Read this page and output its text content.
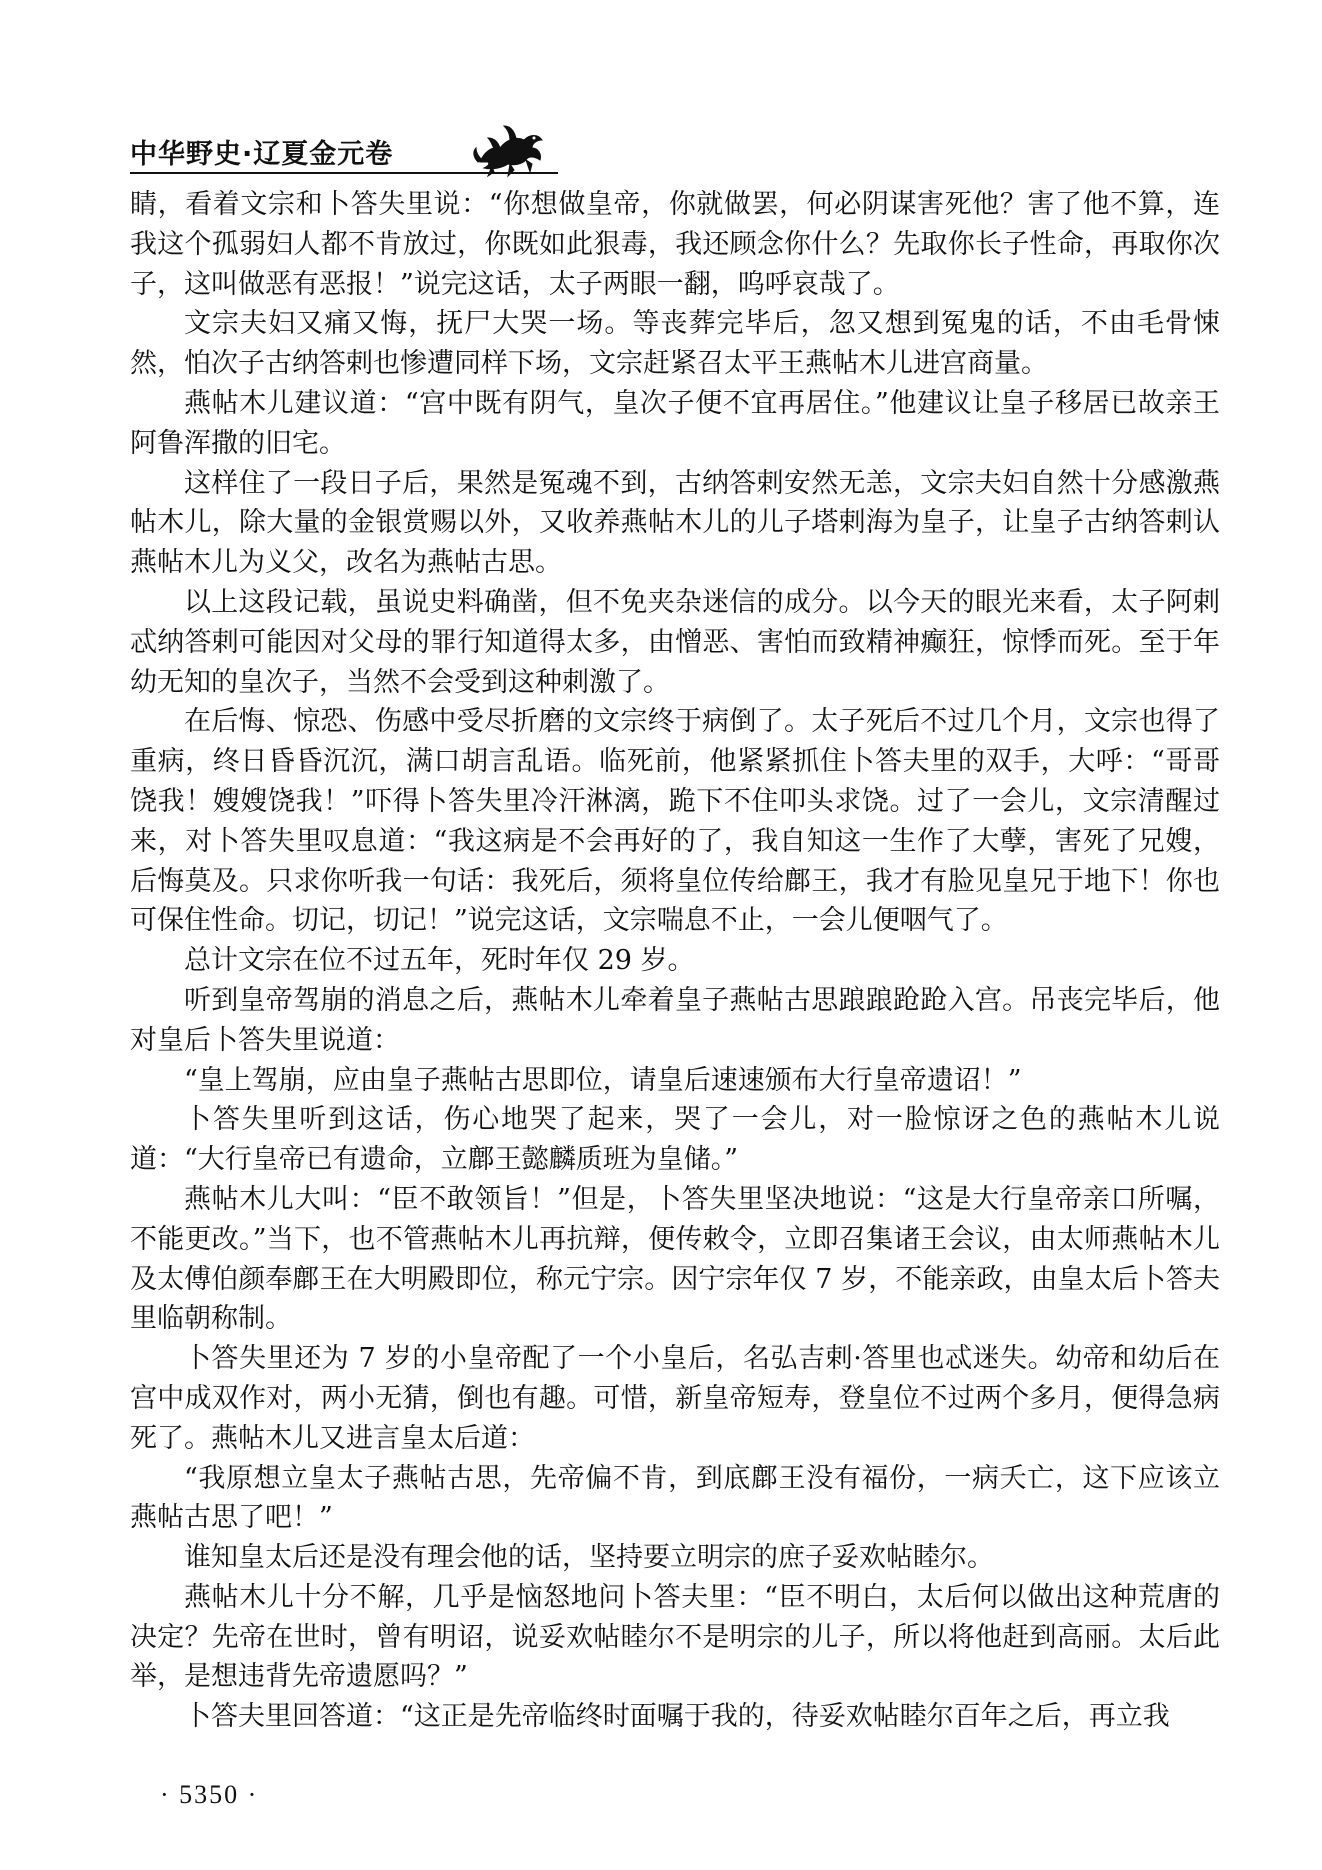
中华野史·辽夏金元卷

睛，看着文宗和卜答失里说：“你想做皇帝，你就做罢，何必阴谋害死他？害了他不算，连我这个孤弱妇人都不肯放过，你既如此狠毒，我还顾念你什么？先取你长子性命，再取你次子，这叫做恶有恶报！”说完这话，太子两眼一翻，呜呼哀哉了。

文宗夫妇又痛又悔，抚尸大哭一场。等丧葬完毕后，忽又想到冤鬼的话，不由毛骨悚然，怕次子古纳答剌也惨遭同样下场，文宗赶紧召太平王燕帖木儿进宫商量。

燕帖木儿建议道：“宫中既有阴气，皇次子便不宜再居住。”他建议让皇子移居已故亲王阿鲁浑撒的旧宅。

这样住了一段日子后，果然是冤魂不到，古纳答剌安然无恙，文宗夫妇自然十分感激燕帖木儿，除大量的金银赏赐以外，又收养燕帖木儿的儿子塔剌海为皇子，让皇子古纳答剌认燕帖木儿为义父，改名为燕帖古思。

以上这段记载，虽说史料确凿，但不免夹杂迷信的成分。以今天的眼光来看，太子阿剌忒纳答剌可能因对父母的罪行知道得太多，由憎恶、害怕而致精神癫狂，惊悸而死。至于年幼无知的皇次子，当然不会受到这种刺激了。

在后悔、惊恐、伤感中受尽折磨的文宗终于病倒了。太子死后不过几个月，文宗也得了重病，终日昏昏沉沉，满口胡言乱语。临死前，他紧紧抓住卜答夫里的双手，大呼：“哥哥饶我！嫂嫂饶我！”吓得卜答失里冷汗淋漓，跪下不住叩头求饶。过了一会儿，文宗清醒过来，对卜答失里叹息道：“我这病是不会再好的了，我自知这一生作了大孽，害死了兄嫂，后悔莫及。只求你听我一句话：我死后，须将皇位传给鄜王，我才有脸见皇兄于地下！你也可保住性命。切记，切记！”说完这话，文宗喘息不止，一会儿便咽气了。

总计文宗在位不过五年，死时年仅 29 岁。

听到皇帝驾崩的消息之后，燕帖木儿牵着皇子燕帖古思踉踉跄跄入宫。吊丧完毕后，他对皇后卜答失里说道：

“皇上驾崩，应由皇子燕帖古思即位，请皇后速速颁布大行皇帝遗诏！”

卜答失里听到这话，伤心地哭了起来，哭了一会儿，对一脸惊讶之色的燕帖木儿说道：“大行皇帝已有遗命，立鄜王懿麟质班为皇储。”

燕帖木儿大叫：“臣不敢领旨！”但是，卜答失里坚决地说：“这是大行皇帝亲口所嘱，不能更改。”当下，也不管燕帖木儿再抗辩，便传敕令，立即召集诸王会议，由太师燕帖木儿及太傅伯颜奉鄜王在大明殿即位，称元宁宗。因宁宗年仅 7 岁，不能亲政，由皇太后卜答夫里临朝称制。

卜答失里还为 7 岁的小皇帝配了一个小皇后，名弘吉剌·答里也忒迷失。幼帝和幼后在宫中成双作对，两小无猜，倒也有趣。可惜，新皇帝短寿，登皇位不过两个多月，便得急病死了。燕帖木儿又进言皇太后道：

“我原想立皇太子燕帖古思，先帝偏不肯，到底鄜王没有福份，一病夭亡，这下应该立燕帖古思了吧！”

谁知皇太后还是没有理会他的话，坚持要立明宗的庶子妥欢帖睦尔。

燕帖木儿十分不解，几乎是恼怒地问卜答夫里：“臣不明白，太后何以做出这种荒唐的决定？先帝在世时，曾有明诏，说妥欢帖睦尔不是明宗的儿子，所以将他赶到高丽。太后此举，是想违背先帝遗愿吗？”

卜答夫里回答道：“这正是先帝临终时面嘱于我的，待妥欢帖睦尔百年之后，再立我

· 5350 ·
